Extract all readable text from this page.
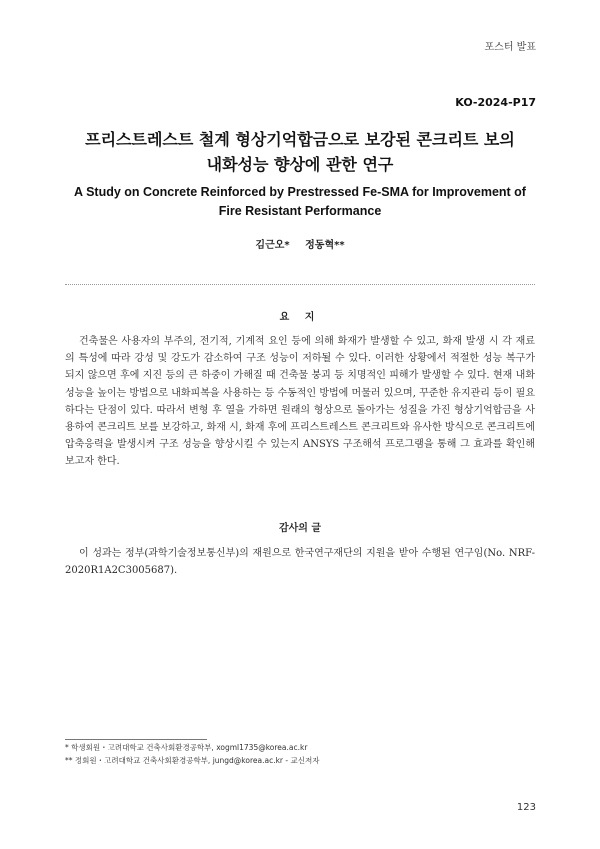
포스터 발표
KO-2024-P17
프리스트레스트 철계 형상기억합금으로 보강된 콘크리트 보의
내화성능 향상에 관한 연구
A Study on Concrete Reinforced by Prestressed Fe-SMA for Improvement of
Fire Resistant Performance
김근오* 정동혁**
요 지
건축물은 사용자의 부주의, 전기적, 기계적 요인 등에 의해 화재가 발생할 수 있고, 화재 발생 시 각 재료의 특성에 따라 강성 및 강도가 감소하여 구조 성능이 저하될 수 있다. 이러한 상황에서 적절한 성능 복구가 되지 않으면 후에 지진 등의 큰 하중이 가해질 때 건축물 붕괴 등 치명적인 피해가 발생할 수 있다. 현재 내화성능을 높이는 방법으로 내화피복을 사용하는 등 수동적인 방법에 머물러 있으며, 꾸준한 유지관리 등이 필요하다는 단점이 있다. 따라서 변형 후 열을 가하면 원래의 형상으로 돌아가는 성질을 가진 형상기억합금을 사용하여 콘크리트 보를 보강하고, 화재 시, 화재 후에 프리스트레스트 콘크리트와 유사한 방식으로 콘크리트에 압축응력을 발생시켜 구조 성능을 향상시킬 수 있는지 ANSYS 구조해석 프로그램을 통해 그 효과를 확인해보고자 한다.
감사의 글
이 성과는 정부(과학기술정보통신부)의 재원으로 한국연구재단의 지원을 받아 수행된 연구임(No. NRF-2020R1A2C3005687).
* 학생회원・고려대학교 건축사회환경공학부, xogml1735@korea.ac.kr
** 정회원・고려대학교 건축사회환경공학부, jungd@korea.ac.kr - 교신저자
123
